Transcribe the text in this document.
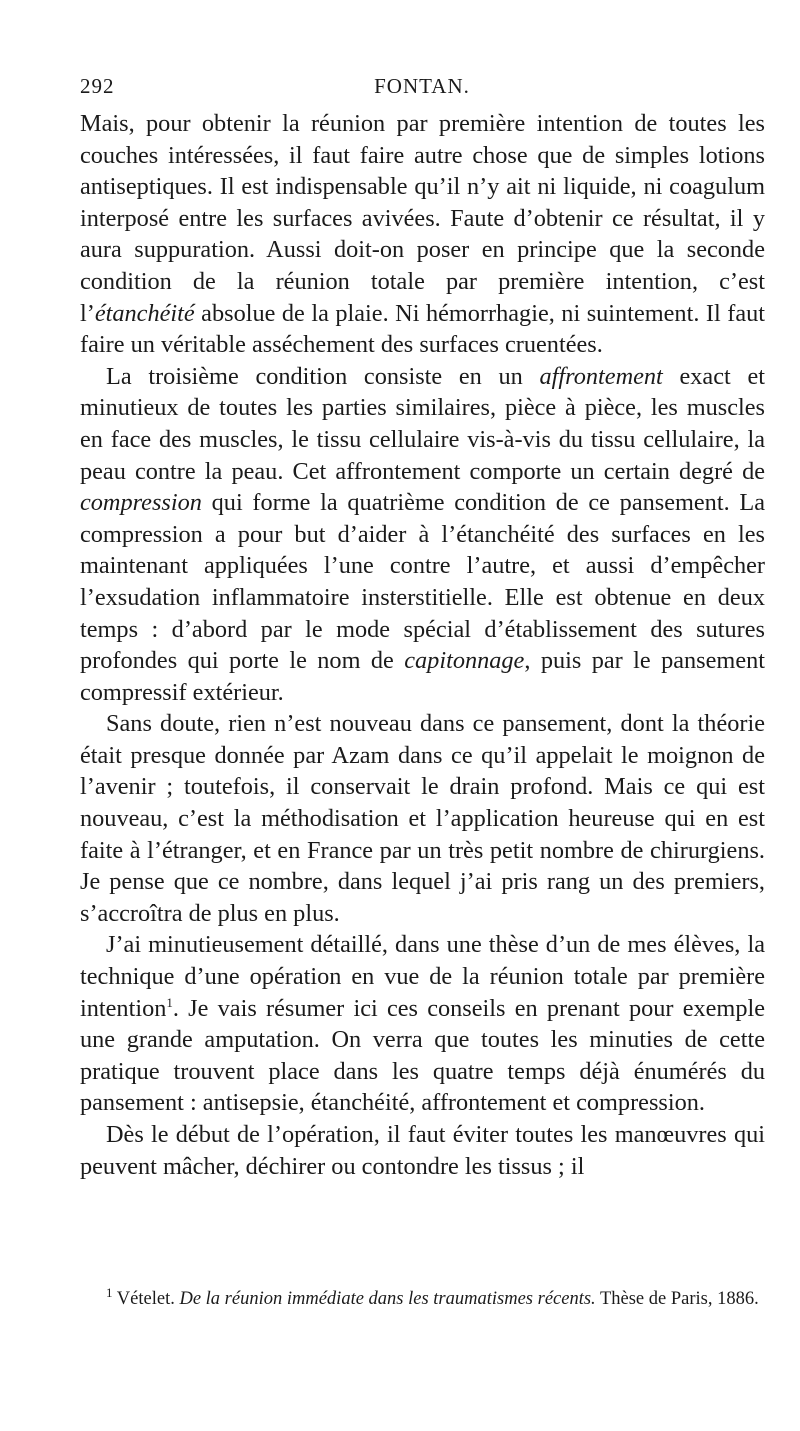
292	FONTAN.

Mais, pour obtenir la réunion par première intention de toutes les couches intéressées, il faut faire autre chose que de simples lotions antiseptiques. Il est indispensable qu’il n’y ait ni liquide, ni coagulum interposé entre les surfaces avivées. Faute d’obtenir ce résultat, il y aura suppuration. Aussi doit-on poser en principe que la seconde condition de la réunion totale par première intention, c’est l’étanchéité absolue de la plaie. Ni hémorrhagie, ni suintement. Il faut faire un véritable asséchement des surfaces cruentées.

La troisième condition consiste en un affrontement exact et minutieux de toutes les parties similaires, pièce à pièce, les muscles en face des muscles, le tissu cellulaire vis-à-vis du tissu cellulaire, la peau contre la peau. Cet affrontement comporte un certain degré de compression qui forme la quatrième condition de ce pansement. La compression a pour but d’aider à l’étanchéité des surfaces en les maintenant appliquées l’une contre l’autre, et aussi d’empêcher l’exsudation inflammatoire insterstitielle. Elle est obtenue en deux temps : d’abord par le mode spécial d’établissement des sutures profondes qui porte le nom de capitonnage, puis par le pansement compressif extérieur.

Sans doute, rien n’est nouveau dans ce pansement, dont la théorie était presque donnée par Azam dans ce qu’il appelait le moignon de l’avenir ; toutefois, il conservait le drain profond. Mais ce qui est nouveau, c’est la méthodisation et l’application heureuse qui en est faite à l’étranger, et en France par un très petit nombre de chirurgiens. Je pense que ce nombre, dans lequel j’ai pris rang un des premiers, s’accroîtra de plus en plus.

J’ai minutieusement détaillé, dans une thèse d’un de mes élèves, la technique d’une opération en vue de la réunion totale par première intention$^1$. Je vais résumer ici ces conseils en prenant pour exemple une grande amputation. On verra que toutes les minuties de cette pratique trouvent place dans les quatre temps déjà énumérés du pansement : antisepsie, étanchéité, affrontement et compression.

Dès le début de l’opération, il faut éviter toutes les manœuvres qui peuvent mâcher, déchirer ou contondre les tissus ; il

$^1$ Vételet. De la réunion immédiate dans les traumatismes récents. Thèse de Paris, 1886.
